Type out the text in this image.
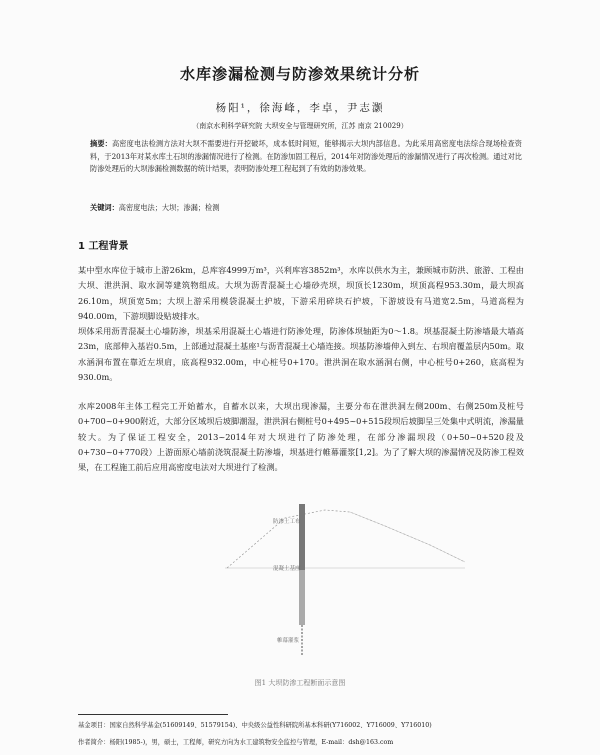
水库渗漏检测与防渗效果统计分析
杨阳¹，徐海峰，李卓，尹志灏
（南京水利科学研究院 大坝安全与管理研究所，江苏 南京 210029）
摘要：高密度电法检测方法对大坝不需要进行开挖破坏，成本低时间短，能够揭示大坝内部信息。为此采用高密度电法综合现场检查资料，于2013年对某水库土石坝的渗漏情况进行了检测。在防渗加固工程后，2014年对防渗处理后的渗漏情况进行了再次检测。通过对比防渗处理后的大坝渗漏检测数据的统计结果，表明防渗处理工程起到了有效的防渗效果。
关键词：高密度电法；大坝；渗漏；检测
1 工程背景
某中型水库位于城市上游26km，总库容4999万m³，兴利库容3852m³，水库以供水为主，兼顾城市防洪、旅游、工程由大坝、泄洪洞、取水洞等建筑物组成。大坝为沥青混凝土心墙砂壳坝，坝顶长1230m，坝顶高程953.30m，最大坝高26.10m，坝顶宽5m；大坝上游采用模袋混凝土护坡，下游采用碎块石护坡，下游坡设有马道宽2.5m，马道高程为940.00m，下游坝脚设贴坡排水。
坝体采用沥青混凝土心墙防渗，坝基采用混凝土心墙进行防渗处理，防渗体坝轴距为0～1.8。坝基混凝土防渗墙最大墙高23m，底部伸入基岩0.5m，上部通过混凝土基座¹与沥青混凝土心墙连接。坝基防渗墙伸入到左、右坝肩覆盖层内50m。取水涵洞布置在靠近左坝肩，底高程932.00m，中心桩号0+170。泄洪洞在取水涵洞右侧，中心桩号0+260，底高程为930.0m。
水库2008年主体工程完工开始蓄水，自蓄水以来，大坝出现渗漏，主要分布在泄洪洞左侧200m、右侧250m及桩号0+700~0+900附近，大部分区域坝后坡脚潮湿，泄洪洞右侧桩号0+495~0+515段坝后坡脚呈三处集中式明流，渗漏量较大。为了保证工程安全，2013~2014年对大坝进行了防渗处理，在部分渗漏坝段（0+50~0+520段及0+730~0+770段）上游面原心墙前浇筑混凝土防渗墙，坝基进行帷幕灌浆[1,2]。为了了解大坝的渗漏情况及防渗工程效果，在工程施工前后应用高密度电法对大坝进行了检测。
防渗土工布
混凝土基座
帷幕灌浆
图1 大坝防渗工程断面示意图
基金项目：国家自然科学基金(51609149、51579154)、中央级公益性科研院所基本科研(Y716002、Y716009、Y716010)
作者简介：杨阳(1985-)，男，硕士，工程师，研究方向为水工建筑物安全监控与管理，E-mail：dsh@163.com
